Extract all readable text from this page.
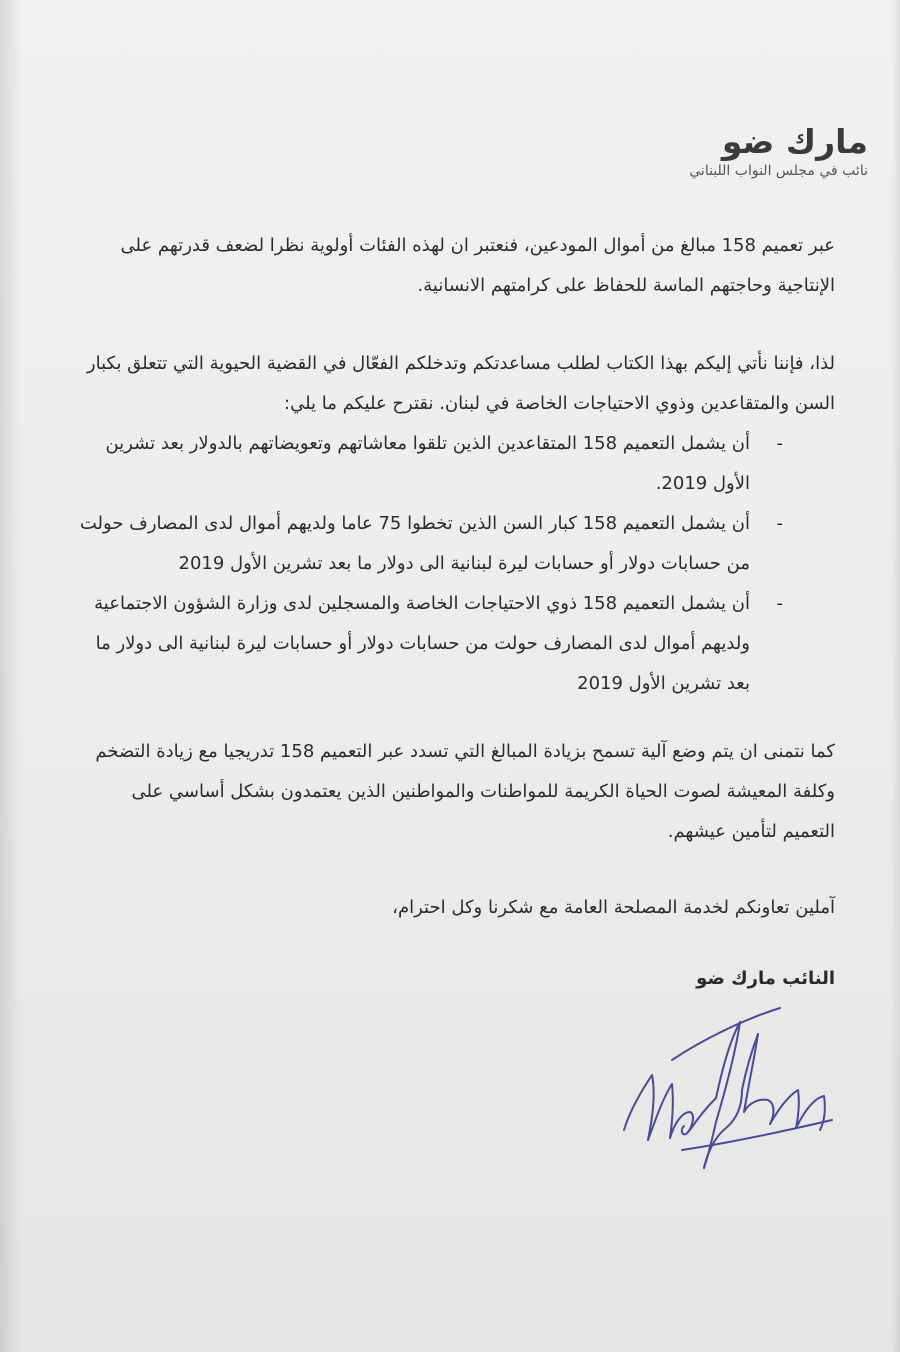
مارك ضو

نائب في مجلس النواب اللبناني

عبر تعميم 158 مبالغ من أموال المودعين، فنعتبر ان لهذه الفئات أولوية نظرا لضعف قدرتهم على الإنتاجية وحاجتهم الماسة للحفاظ على كرامتهم الانسانية.

لذا، فإننا نأتي إليكم بهذا الكتاب لطلب مساعدتكم وتدخلكم الفعّال في القضية الحيوية التي تتعلق بكبار السن والمتقاعدين وذوي الاحتياجات الخاصة في لبنان. نقترح عليكم ما يلي:

-
أن يشمل التعميم 158 المتقاعدين الذين تلقوا معاشاتهم وتعويضاتهم بالدولار بعد تشرين الأول 2019.
-
أن يشمل التعميم 158 كبار السن الذين تخطوا 75 عاما ولديهم أموال لدى المصارف حولت من حسابات دولار أو حسابات ليرة لبنانية الى دولار ما بعد تشرين الأول 2019
-
أن يشمل التعميم 158 ذوي الاحتياجات الخاصة والمسجلين لدى وزارة الشؤون الاجتماعية ولديهم أموال لدى المصارف حولت من حسابات دولار أو حسابات ليرة لبنانية الى دولار ما بعد تشرين الأول 2019

كما نتمنى ان يتم وضع آلية تسمح بزيادة المبالغ التي تسدد عبر التعميم 158 تدريجيا مع زيادة التضخم وكلفة المعيشة لصوت الحياة الكريمة للمواطنات والمواطنين الذين يعتمدون بشكل أساسي على التعميم لتأمين عيشهم.

آملين تعاونكم لخدمة المصلحة العامة مع شكرنا وكل احترام،

النائب مارك ضو
